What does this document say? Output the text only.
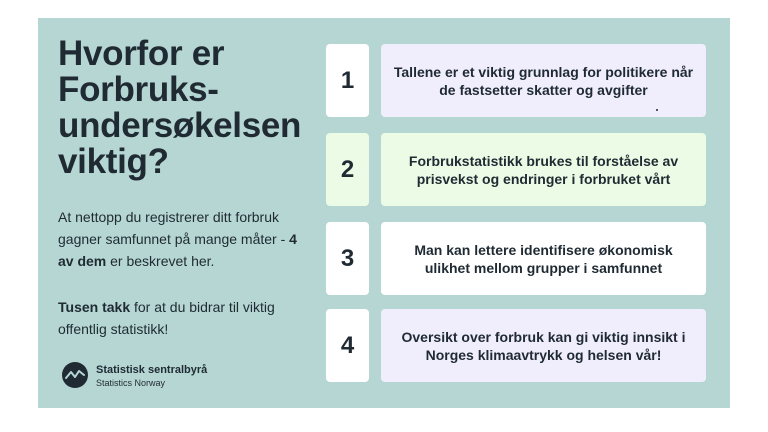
Hvorfor er Forbruks-undersøkelsen viktig?

At nettopp du registrerer ditt forbruk gagner samfunnet på mange måter - 4 av dem er beskrevet her.

Tusen takk for at du bidrar til viktig offentlig statistikk!

Statistisk sentralbyrå
Statistics Norway
1	Tallene er et viktig grunnlag for politikere når de fastsetter skatter og avgifter
2	Forbrukstatistikk brukes til forståelse av prisvekst og endringer i forbruket vårt
3	Man kan lettere identifisere økonomisk ulikhet mellom grupper i samfunnet
4	Oversikt over forbruk kan gi viktig innsikt i Norges klimaavtrykk og helsen vår!
